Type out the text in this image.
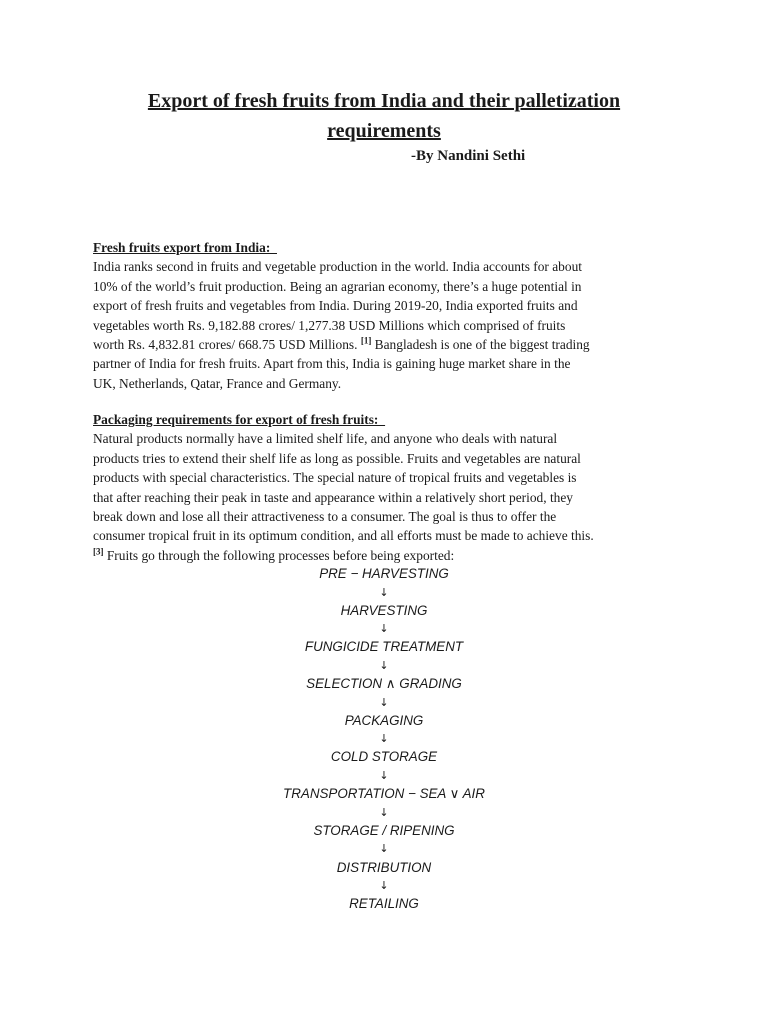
Export of fresh fruits from India and their palletization
requirements

-By Nandini Sethi

Fresh fruits export from India:

India ranks second in fruits and vegetable production in the world. India accounts for about
10% of the world’s fruit production. Being an agrarian economy, there’s a huge potential in
export of fresh fruits and vegetables from India. During 2019-20, India exported fruits and
vegetables worth Rs. 9,182.88 crores/ 1,277.38 USD Millions which comprised of fruits
worth Rs. 4,832.81 crores/ 668.75 USD Millions. [1] Bangladesh is one of the biggest trading
partner of India for fresh fruits. Apart from this, India is gaining huge market share in the
UK, Netherlands, Qatar, France and Germany.

Packaging requirements for export of fresh fruits:

Natural products normally have a limited shelf life, and anyone who deals with natural
products tries to extend their shelf life as long as possible. Fruits and vegetables are natural
products with special characteristics. The special nature of tropical fruits and vegetables is
that after reaching their peak in taste and appearance within a relatively short period, they
break down and lose all their attractiveness to a consumer. The goal is thus to offer the
consumer tropical fruit in its optimum condition, and all efforts must be made to achieve this.
[3] Fruits go through the following processes before being exported:

PRE − HARVESTING
↓
HARVESTING
↓
FUNGICIDE TREATMENT
↓
SELECTION ∧ GRADING
↓
PACKAGING
↓
COLD STORAGE
↓
TRANSPORTATION − SEA ∨ AIR
↓
STORAGE / RIPENING
↓
DISTRIBUTION
↓
RETAILING
